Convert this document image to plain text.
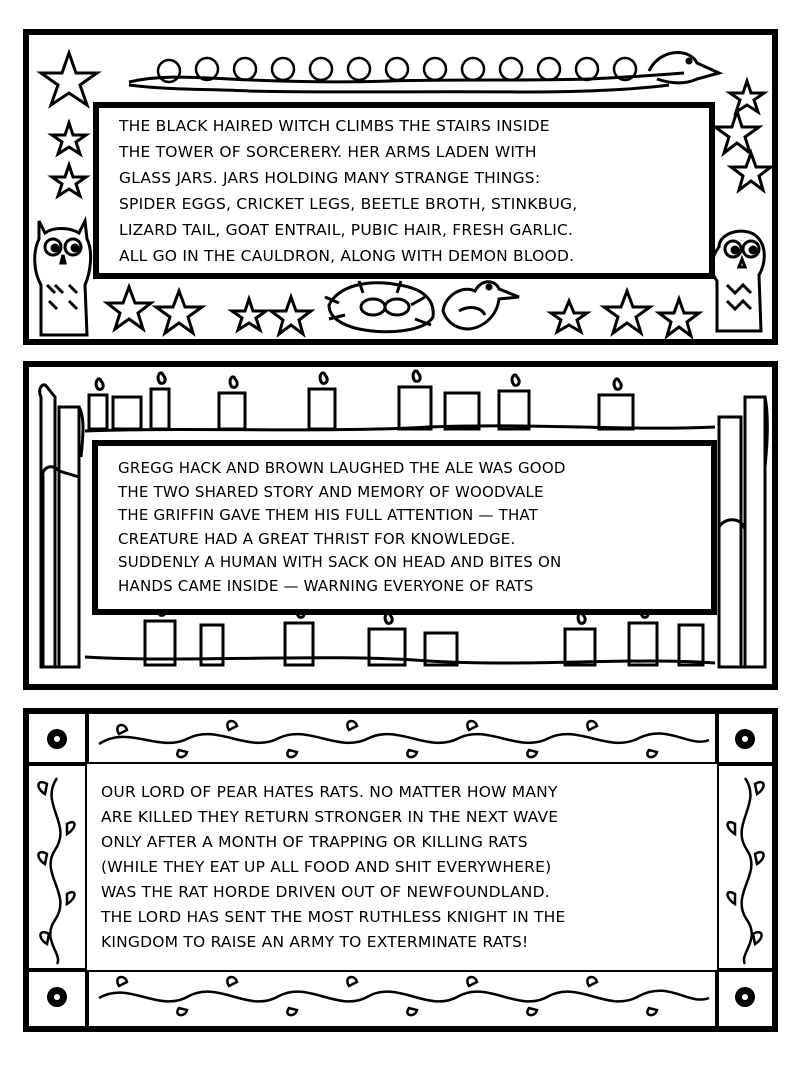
THE BLACK HAIRED WITCH CLIMBS THE STAIRS INSIDE
THE TOWER OF SORCERERY. HER ARMS LADEN WITH
GLASS JARS. JARS HOLDING MANY STRANGE THINGS:
SPIDER EGGS, CRICKET LEGS, BEETLE BROTH, STINKBUG,
LIZARD TAIL, GOAT ENTRAIL, PUBIC HAIR, FRESH GARLIC.
ALL GO IN THE CAULDRON, ALONG WITH DEMON BLOOD.
GREGG HACK AND BROWN LAUGHED THE ALE WAS GOOD
THE TWO SHARED STORY AND MEMORY OF WOODVALE
THE GRIFFIN GAVE THEM HIS FULL ATTENTION — THAT
CREATURE HAD A GREAT THRIST FOR KNOWLEDGE.
SUDDENLY A HUMAN WITH SACK ON HEAD AND BITES ON
HANDS CAME INSIDE — WARNING EVERYONE OF RATS
OUR LORD OF PEAR HATES RATS. NO MATTER HOW MANY
ARE KILLED THEY RETURN STRONGER IN THE NEXT WAVE
ONLY AFTER A MONTH OF TRAPPING OR KILLING RATS
(WHILE THEY EAT UP ALL FOOD AND SHIT EVERYWHERE)
WAS THE RAT HORDE DRIVEN OUT OF NEWFOUNDLAND.
THE LORD HAS SENT THE MOST RUTHLESS KNIGHT IN THE
KINGDOM TO RAISE AN ARMY TO EXTERMINATE RATS!
